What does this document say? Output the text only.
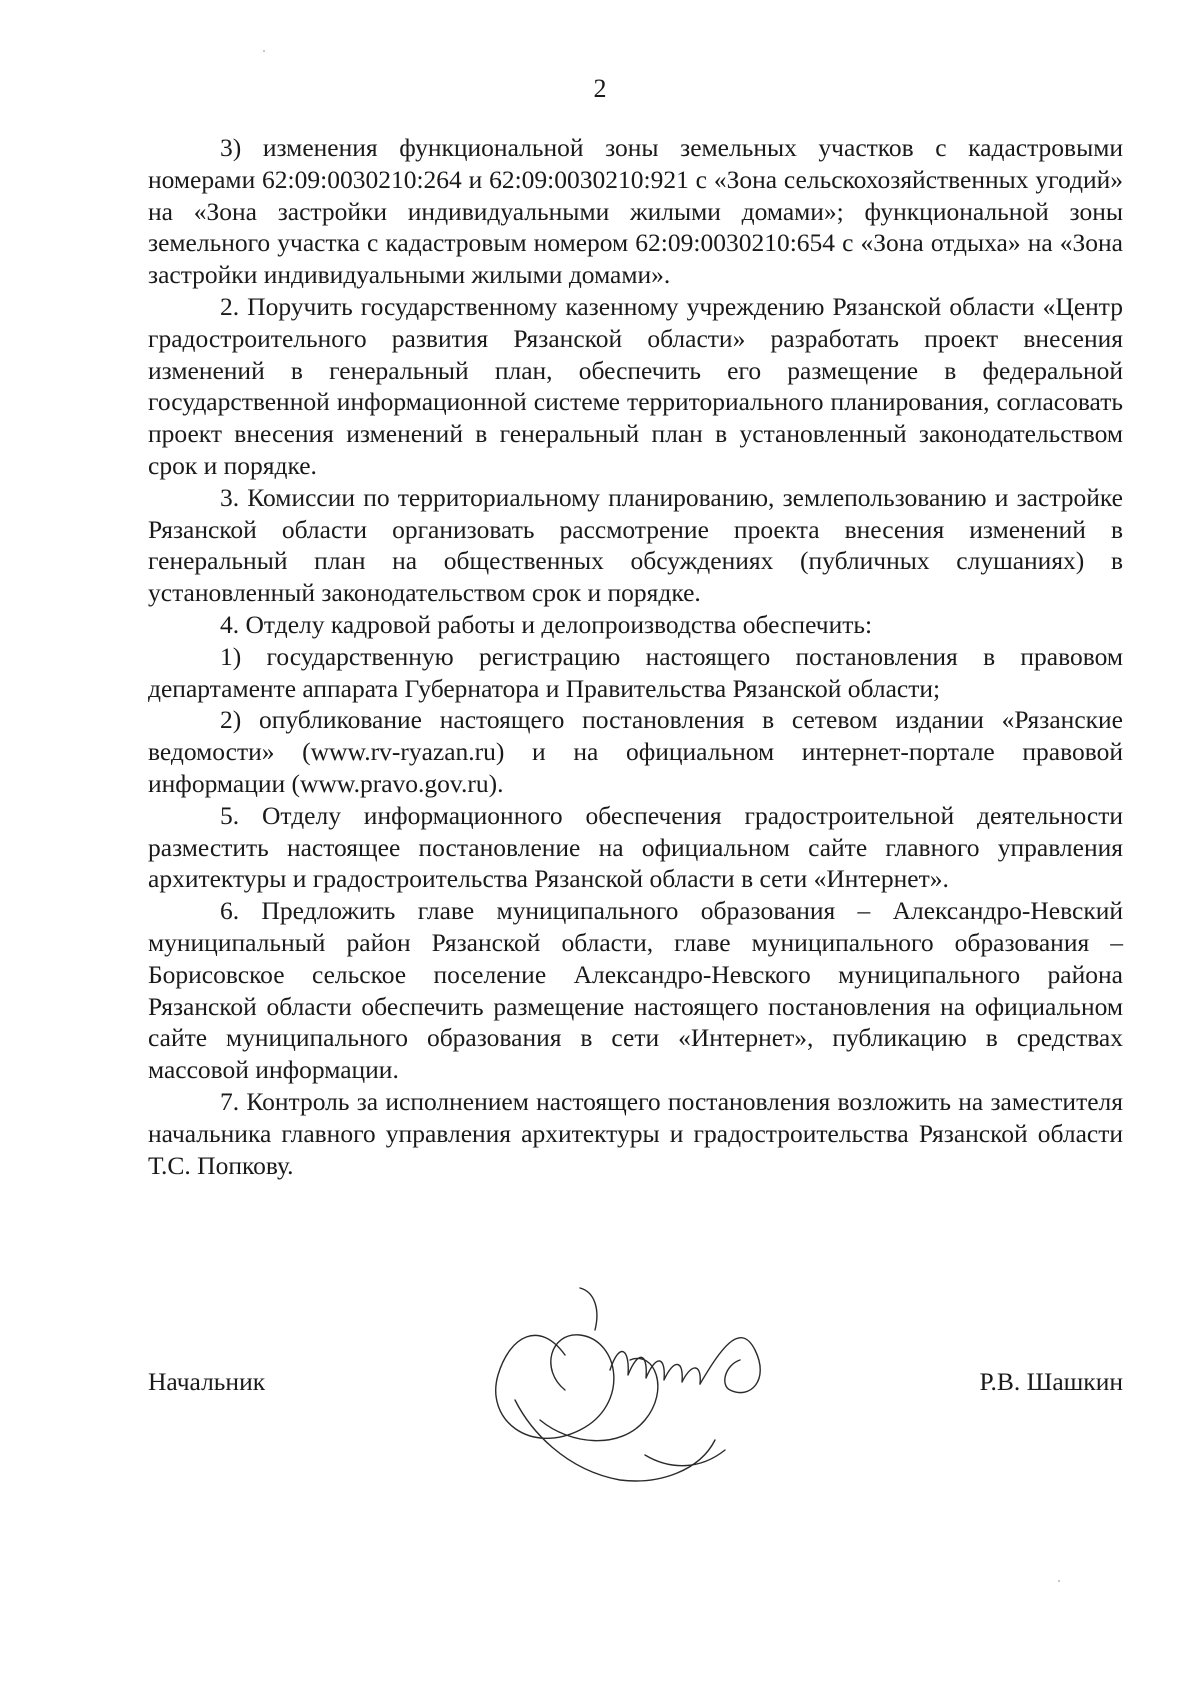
2

3) изменения функциональной зоны земельных участков с кадастровыми номерами 62:09:0030210:264 и 62:09:0030210:921 с «Зона сельскохозяйственных угодий» на «Зона застройки индивидуальными жилыми домами»; функциональной зоны земельного участка с кадастровым номером 62:09:0030210:654 с «Зона отдыха» на «Зона застройки индивидуальными жилыми домами».

2. Поручить государственному казенному учреждению Рязанской области «Центр градостроительного развития Рязанской области» разработать проект внесения изменений в генеральный план, обеспечить его размещение в федеральной государственной информационной системе территориального планирования, согласовать проект внесения изменений в генеральный план в установленный законодательством срок и порядке.

3. Комиссии по территориальному планированию, землепользованию и застройке Рязанской области организовать рассмотрение проекта внесения изменений в генеральный план на общественных обсуждениях (публичных слушаниях) в установленный законодательством срок и порядке.

4. Отделу кадровой работы и делопроизводства обеспечить:

1) государственную регистрацию настоящего постановления в правовом департаменте аппарата Губернатора и Правительства Рязанской области;

2) опубликование настоящего постановления в сетевом издании «Рязанские ведомости» (www.rv-ryazan.ru) и на официальном интернет-портале правовой информации (www.pravo.gov.ru).

5. Отделу информационного обеспечения градостроительной деятельности разместить настоящее постановление на официальном сайте главного управления архитектуры и градостроительства Рязанской области в сети «Интернет».

6. Предложить главе муниципального образования – Александро-Невский муниципальный район Рязанской области, главе муниципального образования – Борисовское сельское поселение Александро-Невского муниципального района Рязанской области обеспечить размещение настоящего постановления на официальном сайте муниципального образования в сети «Интернет», публикацию в средствах массовой информации.

7. Контроль за исполнением настоящего постановления возложить на заместителя начальника главного управления архитектуры и градостроительства Рязанской области Т.С. Попкову.

Начальник	Р.В. Шашкин
